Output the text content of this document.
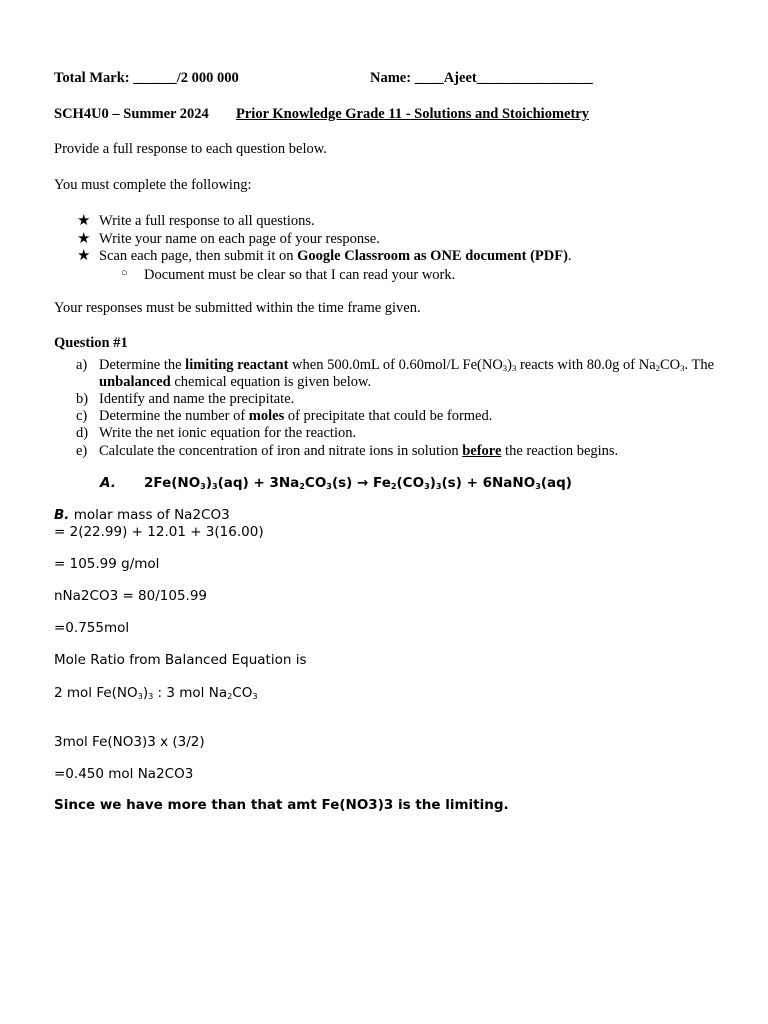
Total Mark: ______/2 000 000	Name: ____Ajeet________________
SCH4U0 – Summer 2024 Prior Knowledge Grade 11 - Solutions and Stoichiometry
Provide a full response to each question below.
You must complete the following:
★ Write a full response to all questions.
★ Write your name on each page of your response.
★ Scan each page, then submit it on Google Classroom as ONE document (PDF).
○ Document must be clear so that I can read your work.
Your responses must be submitted within the time frame given.
Question #1
a) Determine the limiting reactant when 500.0mL of 0.60mol/L $Fe(NO_3)_3$ reacts with 80.0g of $Na_2CO_3$. The
unbalanced chemical equation is given below.
b) Identify and name the precipitate.
c) Determine the number of moles of precipitate that could be formed.
d) Write the net ionic equation for the reaction.
e) Calculate the concentration of iron and nitrate ions in solution before the reaction begins.
A. $2Fe(NO_3)_3(aq) + 3Na_2CO_3(s) \to Fe_2(CO_3)_3(s)$ + 6NaNO$_3$(aq)
B. molar mass of Na2CO3
= 2(22.99) + 12.01 + 3(16.00)
= 105.99 g/mol
nNa2CO3 = 80/105.99
=0.755mol
Mole Ratio from Balanced Equation is
2 mol $Fe(NO_3)_3$ : 3 mol $Na_2CO_3$
3mol Fe(NO3)3 x (3/2)
=0.450 mol Na2CO3
Since we have more than that amt Fe(NO3)3 is the limiting.
